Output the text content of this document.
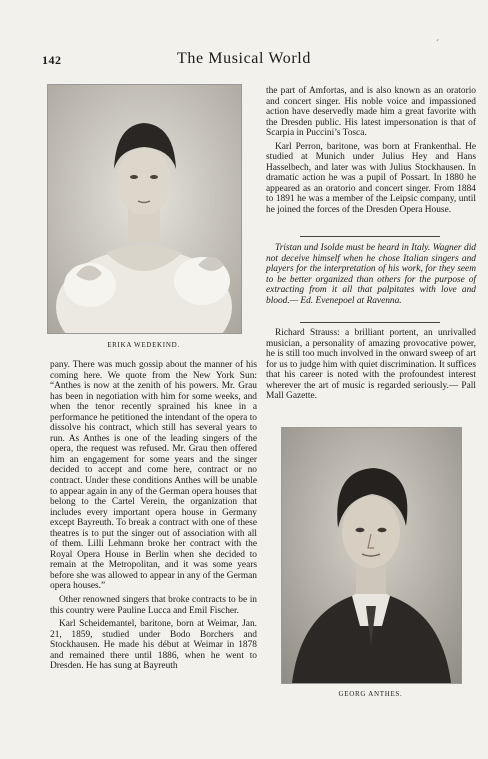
142	The Musical World
´
ERIKA WEDEKIND.

the part of Amfortas, and is also known as an oratorio and concert singer. His noble voice and impassioned action have deservedly made him a great favorite with the Dresden public. His latest impersonation is that of Scarpia in Puccini’s Tosca.

Karl Perron, baritone, was born at Frankenthal. He studied at Munich under Julius Hey and Hans Hasselbech, and later was with Julius Stockhausen. In dramatic action he was a pupil of Possart. In 1880 he appeared as an oratorio and concert singer. From 1884 to 1891 he was a member of the Leipsic company, until he joined the forces of the Dresden Opera House.

Tristan und Isolde must be heard in Italy. Wagner did not deceive himself when he chose Italian singers and players for the interpretation of his work, for they seem to be better organized than others for the purpose of extracting from it all that palpitates with love and blood.— Ed. Evenepoel at Ravenna.

Richard Strauss: a brilliant portent, an unrivalled musician, a personality of amazing provocative power, he is still too much involved in the onward sweep of art for us to judge him with quiet discrimination. It suffices that his career is noted with the profoundest interest wherever the art of music is regarded seriously.— Pall Mall Gazette.

GEORG ANTHES.

pany. There was much gossip about the manner of his coming here. We quote from the New York Sun: “Anthes is now at the zenith of his powers. Mr. Grau has been in negotiation with him for some weeks, and when the tenor recently sprained his knee in a performance he petitioned the intendant of the opera to dissolve his contract, which still has several years to run. As Anthes is one of the leading singers of the opera, the request was refused. Mr. Grau then offered him an engagement for some years and the singer decided to accept and come here, contract or no contract. Under these conditions Anthes will be unable to appear again in any of the German opera houses that belong to the Cartel Verein, the organization that includes every important opera house in Germany except Bayreuth. To break a contract with one of these theatres is to put the singer out of association with all of them. Lilli Lehmann broke her contract with the Royal Opera House in Berlin when she decided to remain at the Metropolitan, and it was some years before she was allowed to appear in any of the German opera houses.”

Other renowned singers that broke contracts to be in this country were Pauline Lucca and Emil Fischer.

Karl Scheidemantel, baritone, born at Weimar, Jan. 21, 1859, studied under Bodo Borchers and Stockhausen. He made his début at Weimar in 1878 and remained there until 1886, when he went to Dresden. He has sung at Bayreuth
